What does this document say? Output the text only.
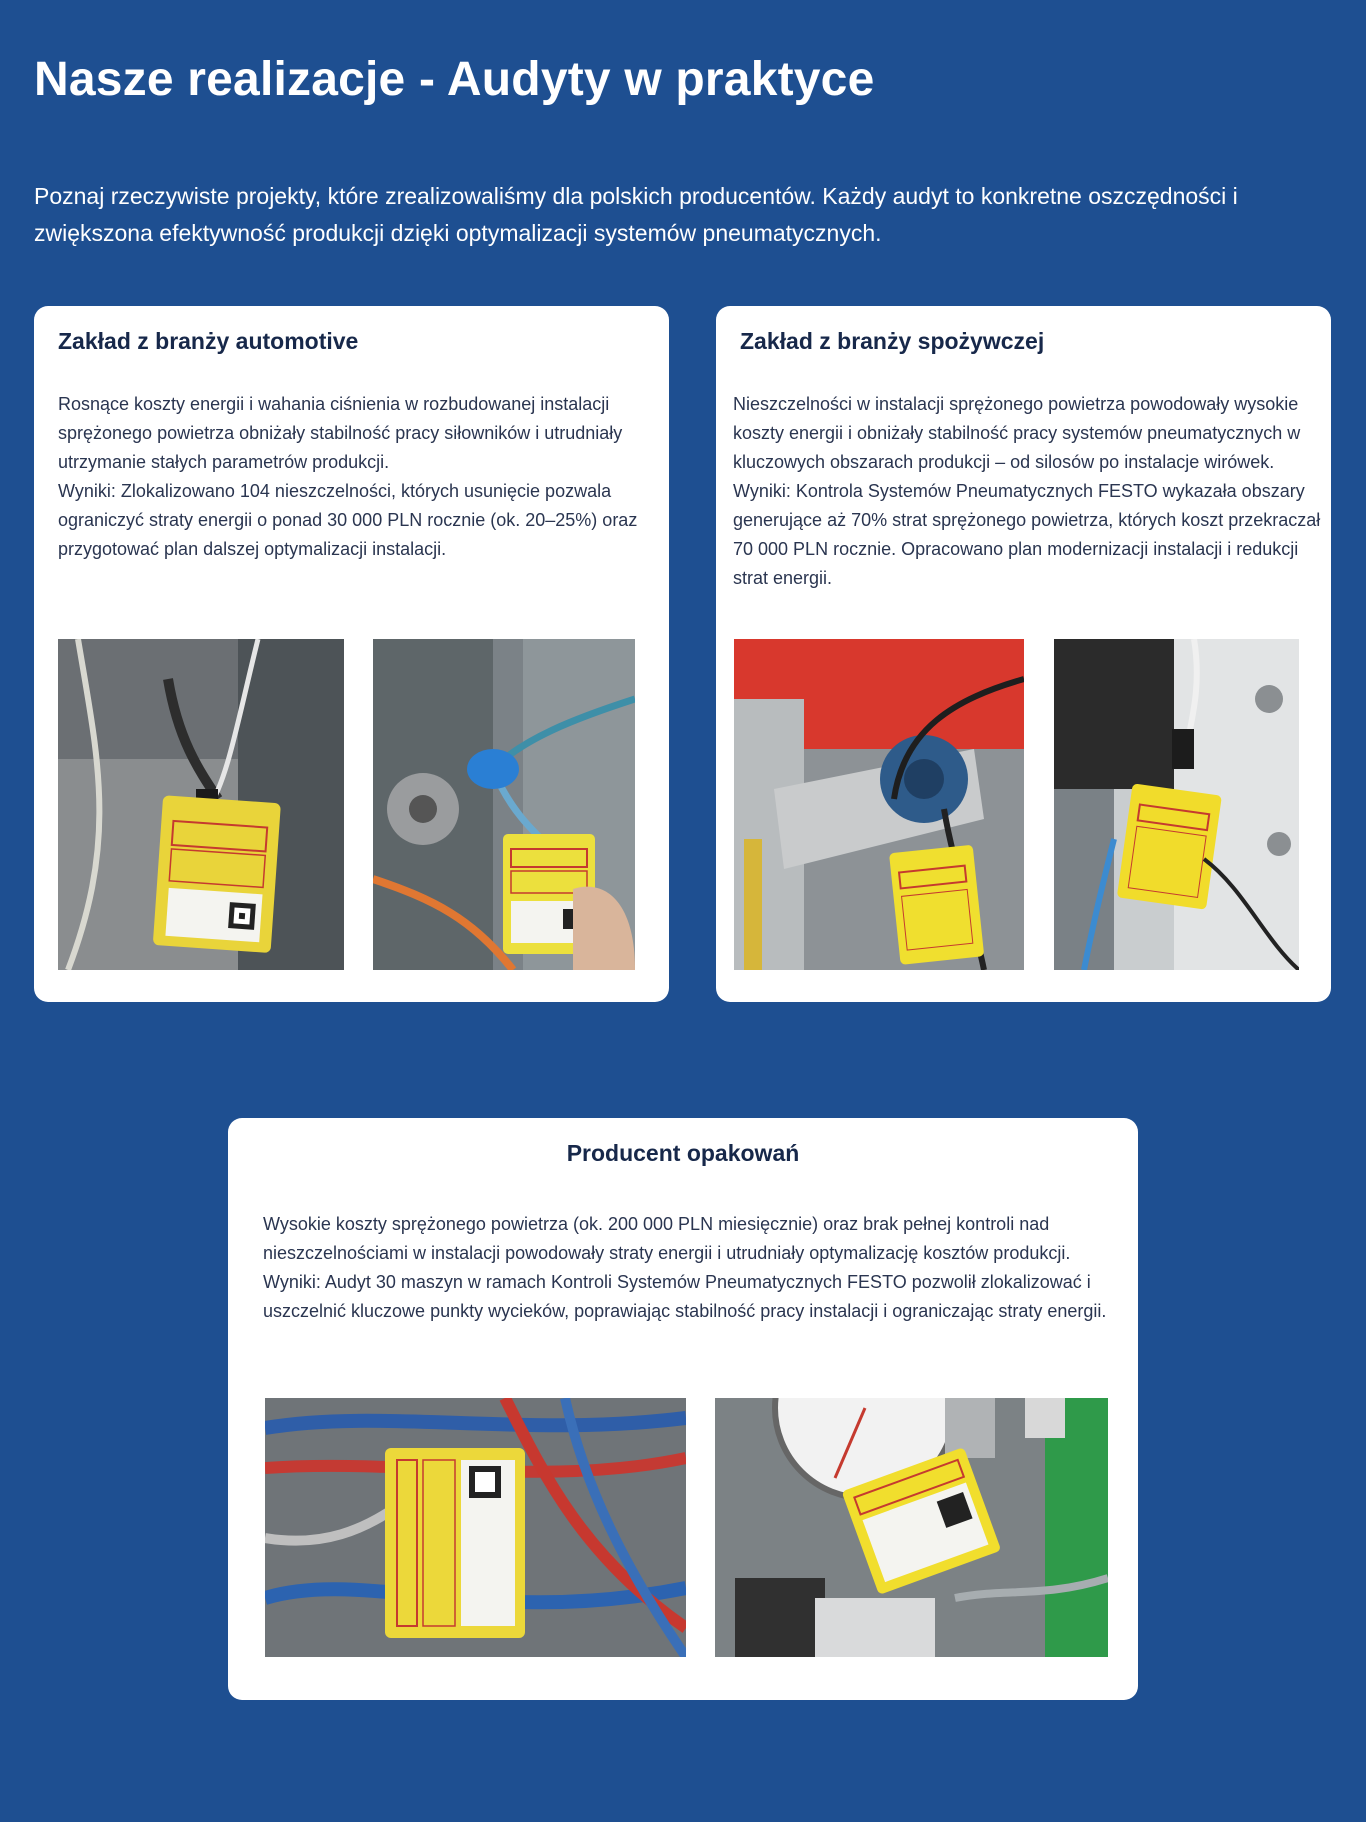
Nasze realizacje - Audyty w praktyce

Poznaj rzeczywiste projekty, które zrealizowaliśmy dla polskich producentów. Każdy audyt to konkretne oszczędności i zwiększona efektywność produkcji dzięki optymalizacji systemów pneumatycznych.

Zakład z branży automotive

Rosnące koszty energii i wahania ciśnienia w rozbudowanej instalacji sprężonego powietrza obniżały stabilność pracy siłowników i utrudniały utrzymanie stałych parametrów produkcji.
Wyniki: Zlokalizowano 104 nieszczelności, których usunięcie pozwala ograniczyć straty energii o ponad 30 000 PLN rocznie (ok. 20–25%) oraz przygotować plan dalszej optymalizacji instalacji.

Zakład z branży spożywczej

Nieszczelności w instalacji sprężonego powietrza powodowały wysokie koszty energii i obniżały stabilność pracy systemów pneumatycznych w kluczowych obszarach produkcji – od silosów po instalacje wirówek.
Wyniki: Kontrola Systemów Pneumatycznych FESTO wykazała obszary generujące aż 70% strat sprężonego powietrza, których koszt przekraczał 70 000 PLN rocznie. Opracowano plan modernizacji instalacji i redukcji strat energii.

Producent opakowań

Wysokie koszty sprężonego powietrza (ok. 200 000 PLN miesięcznie) oraz brak pełnej kontroli nad nieszczelnościami w instalacji powodowały straty energii i utrudniały optymalizację kosztów produkcji.
Wyniki: Audyt 30 maszyn w ramach Kontroli Systemów Pneumatycznych FESTO pozwolił zlokalizować i uszczelnić kluczowe punkty wycieków, poprawiając stabilność pracy instalacji i ograniczając straty energii.
